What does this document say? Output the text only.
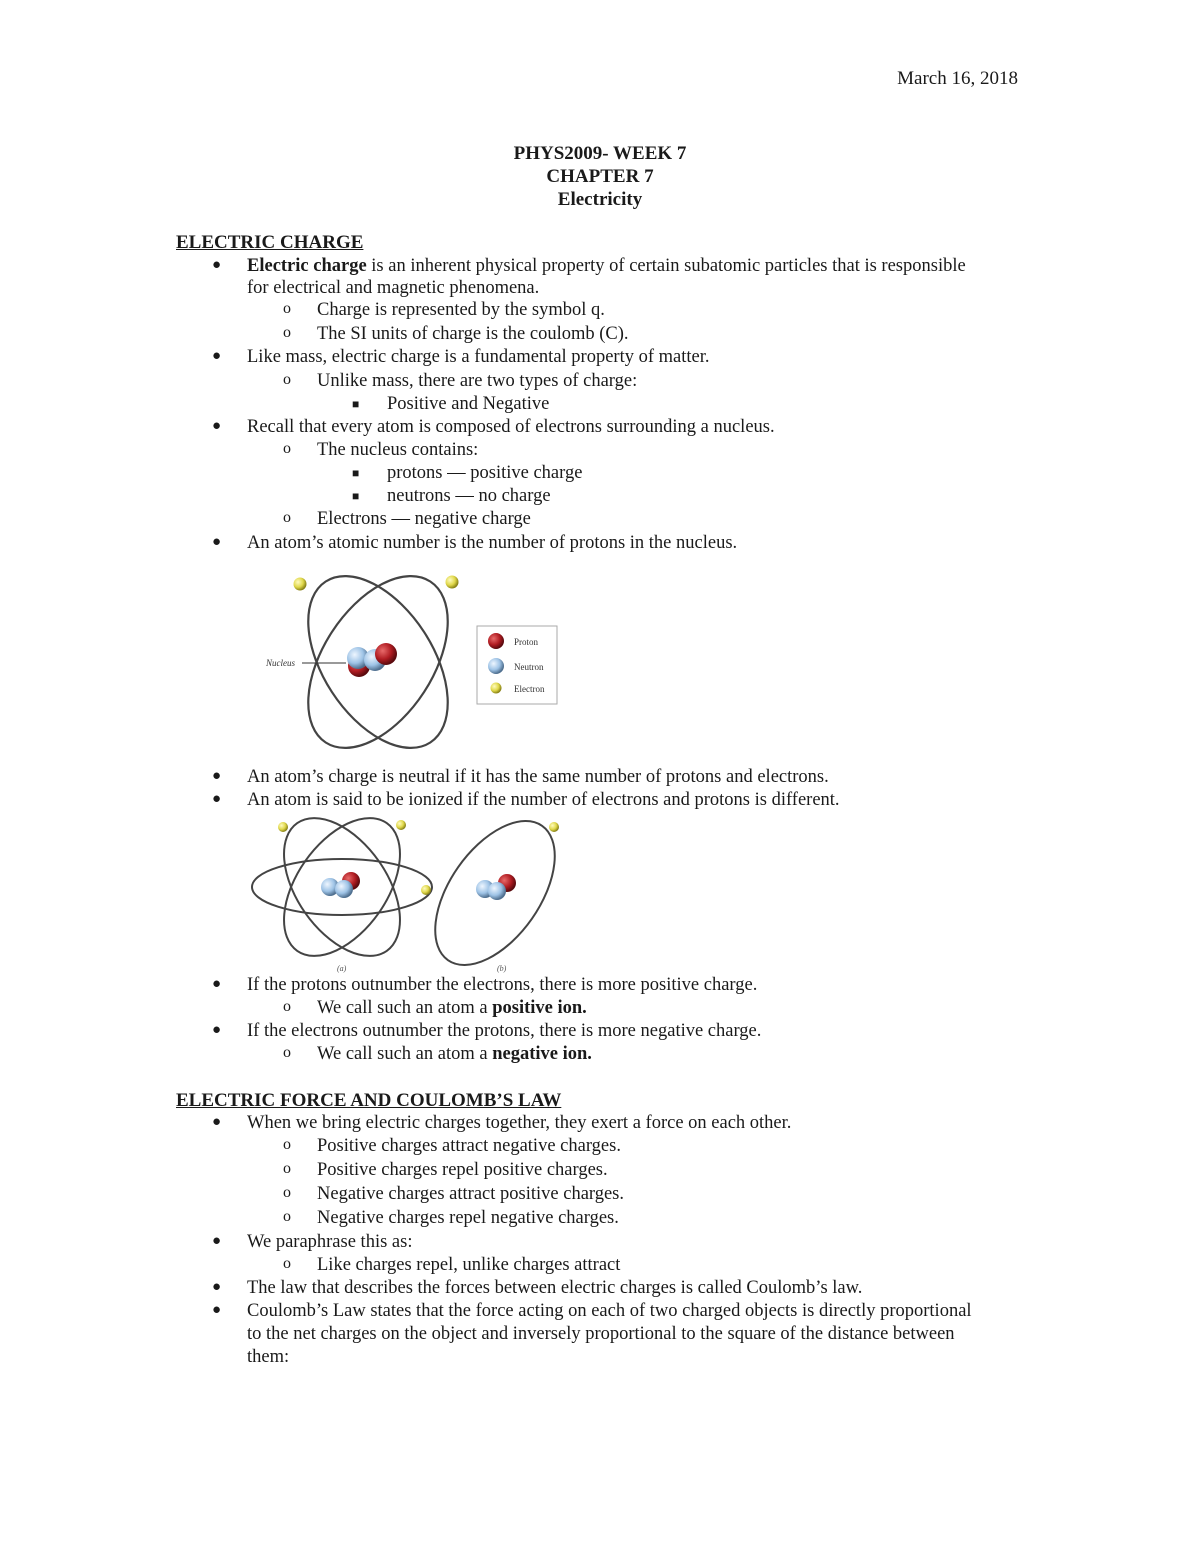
March 16, 2018
PHYS2009- WEEK 7
CHAPTER 7
Electricity
ELECTRIC CHARGE
● Electric charge is an inherent physical property of certain subatomic particles that is responsible
for electrical and magnetic phenomena.
o Charge is represented by the symbol q.
o The SI units of charge is the coulomb (C).
● Like mass, electric charge is a fundamental property of matter.
o Unlike mass, there are two types of charge:
■ Positive and Negative
● Recall that every atom is composed of electrons surrounding a nucleus.
o The nucleus contains:
■ protons — positive charge
■ neutrons — no charge
o Electrons — negative charge
● An atom’s atomic number is the number of protons in the nucleus.
Nucleus
Proton
Neutron
Electron
● An atom’s charge is neutral if it has the same number of protons and electrons.
● An atom is said to be ionized if the number of electrons and protons is different.
(a)	(b)
● If the protons outnumber the electrons, there is more positive charge.
o We call such an atom a positive ion.
● If the electrons outnumber the protons, there is more negative charge.
o We call such an atom a negative ion.
ELECTRIC FORCE AND COULOMB’S LAW
● When we bring electric charges together, they exert a force on each other.
o Positive charges attract negative charges.
o Positive charges repel positive charges.
o Negative charges attract positive charges.
o Negative charges repel negative charges.
● We paraphrase this as:
o Like charges repel, unlike charges attract
● The law that describes the forces between electric charges is called Coulomb’s law.
● Coulomb’s Law states that the force acting on each of two charged objects is directly proportional
to the net charges on the object and inversely proportional to the square of the distance between
them:
